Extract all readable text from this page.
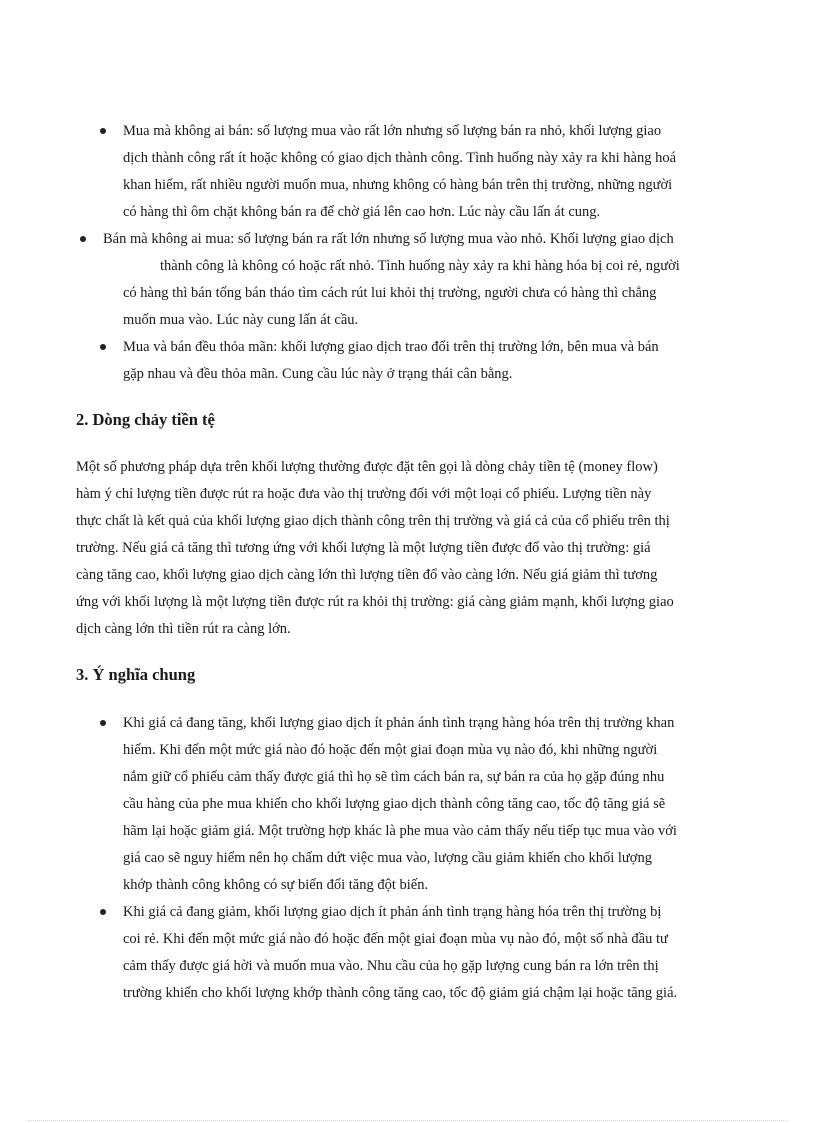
Mua mà không ai bán: số lượng mua vào rất lớn nhưng số lượng bán ra nhỏ, khối lượng giao
dịch thành công rất ít hoặc không có giao dịch thành công. Tình huống này xảy ra khi hàng hoá
khan hiếm, rất nhiều người muốn mua, nhưng không có hàng bán trên thị trường, những người
có hàng thì ôm chặt không bán ra để chờ giá lên cao hơn. Lúc này cầu lấn át cung.
Bán mà không ai mua: số lượng bán ra rất lớn nhưng số lượng mua vào nhỏ. Khối lượng giao dịch
thành công là không có hoặc rất nhỏ. Tình huống này xảy ra khi hàng hóa bị coi rẻ, người
có hàng thì bán tống bán tháo tìm cách rút lui khỏi thị trường, người chưa có hàng thì chẳng
muốn mua vào. Lúc này cung lấn át cầu.
Mua và bán đều thỏa mãn: khối lượng giao dịch trao đổi trên thị trường lớn, bên mua và bán
gặp nhau và đều thỏa mãn. Cung cầu lúc này ở trạng thái cân bằng.
2. Dòng chảy tiền tệ
Một số phương pháp dựa trên khối lượng thường được đặt tên gọi là dòng chảy tiền tệ (money flow)
hàm ý chỉ lượng tiền được rút ra hoặc đưa vào thị trường đối với một loại cổ phiếu. Lượng tiền này
thực chất là kết quả của khối lượng giao dịch thành công trên thị trường và giá cả của cổ phiếu trên thị
trường. Nếu giá cả tăng thì tương ứng với khối lượng là một lượng tiền được đổ vào thị trường: giá
càng tăng cao, khối lượng giao dịch càng lớn thì lượng tiền đổ vào càng lớn. Nếu giá giảm thì tương
ứng với khối lượng là một lượng tiền được rút ra khỏi thị trường: giá càng giảm mạnh, khối lượng giao
dịch càng lớn thì tiền rút ra càng lớn.
3. Ý nghĩa chung
Khi giá cả đang tăng, khối lượng giao dịch ít phản ánh tình trạng hàng hóa trên thị trường khan
hiếm. Khi đến một mức giá nào đó hoặc đến một giai đoạn mùa vụ nào đó, khi những người
nắm giữ cổ phiếu cảm thấy được giá thì họ sẽ tìm cách bán ra, sự bán ra của họ gặp đúng nhu
cầu hàng của phe mua khiến cho khối lượng giao dịch thành công tăng cao, tốc độ tăng giá sẽ
hãm lại hoặc giảm giá. Một trường hợp khác là phe mua vào cảm thấy nếu tiếp tục mua vào với
giá cao sẽ nguy hiểm nên họ chấm dứt việc mua vào, lượng cầu giảm khiến cho khối lượng
khớp thành công không có sự biến đổi tăng đột biến.
Khi giá cả đang giảm, khối lượng giao dịch ít phản ánh tình trạng hàng hóa trên thị trường bị
coi rẻ. Khi đến một mức giá nào đó hoặc đến một giai đoạn mùa vụ nào đó, một số nhà đầu tư
cảm thấy được giá hời và muốn mua vào. Nhu cầu của họ gặp lượng cung bán ra lớn trên thị
trường khiến cho khối lượng khớp thành công tăng cao, tốc độ giảm giá chậm lại hoặc tăng giá.
